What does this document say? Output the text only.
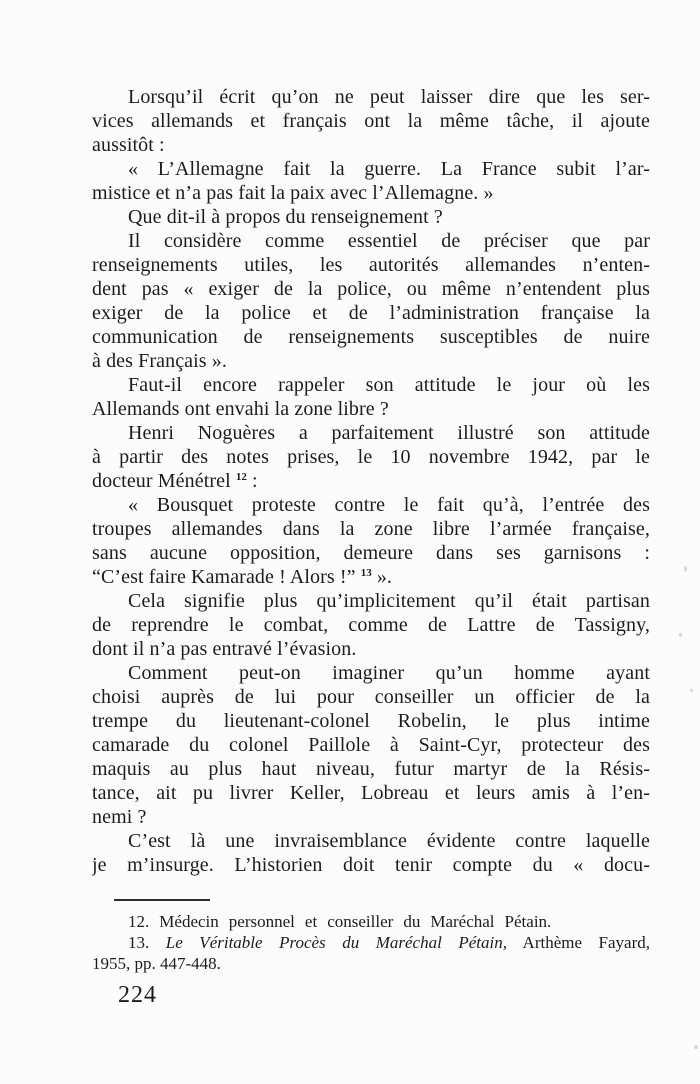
Lorsqu’il écrit qu’on ne peut laisser dire que les ser-
vices allemands et français ont la même tâche, il ajoute
aussitôt :
« L’Allemagne fait la guerre. La France subit l’ar-
mistice et n’a pas fait la paix avec l’Allemagne. »
Que dit-il à propos du renseignement ?
Il considère comme essentiel de préciser que par
renseignements utiles, les autorités allemandes n’enten-
dent pas « exiger de la police, ou même n’entendent plus
exiger de la police et de l’administration française la
communication de renseignements susceptibles de nuire
à des Français ».
Faut-il encore rappeler son attitude le jour où les
Allemands ont envahi la zone libre ?
Henri Noguères a parfaitement illustré son attitude
à partir des notes prises, le 10 novembre 1942, par le
docteur Ménétrel $^{12}$ :
« Bousquet proteste contre le fait qu’à, l’entrée des
troupes allemandes dans la zone libre l’armée française,
sans aucune opposition, demeure dans ses garnisons :
“C’est faire Kamarade ! Alors !” $^{13}$ ».
Cela signifie plus qu’implicitement qu’il était partisan
de reprendre le combat, comme de Lattre de Tassigny,
dont il n’a pas entravé l’évasion.
Comment peut-on imaginer qu’un homme ayant
choisi auprès de lui pour conseiller un officier de la
trempe du lieutenant-colonel Robelin, le plus intime
camarade du colonel Paillole à Saint-Cyr, protecteur des
maquis au plus haut niveau, futur martyr de la Résis-
tance, ait pu livrer Keller, Lobreau et leurs amis à l’en-
nemi ?
C’est là une invraisemblance évidente contre laquelle
je m’insurge. L’historien doit tenir compte du « docu-
12. Médecin personnel et conseiller du Maréchal Pétain.
13. Le Véritable Procès du Maréchal Pétain, Arthème Fayard,
1955, pp. 447-448.
224
